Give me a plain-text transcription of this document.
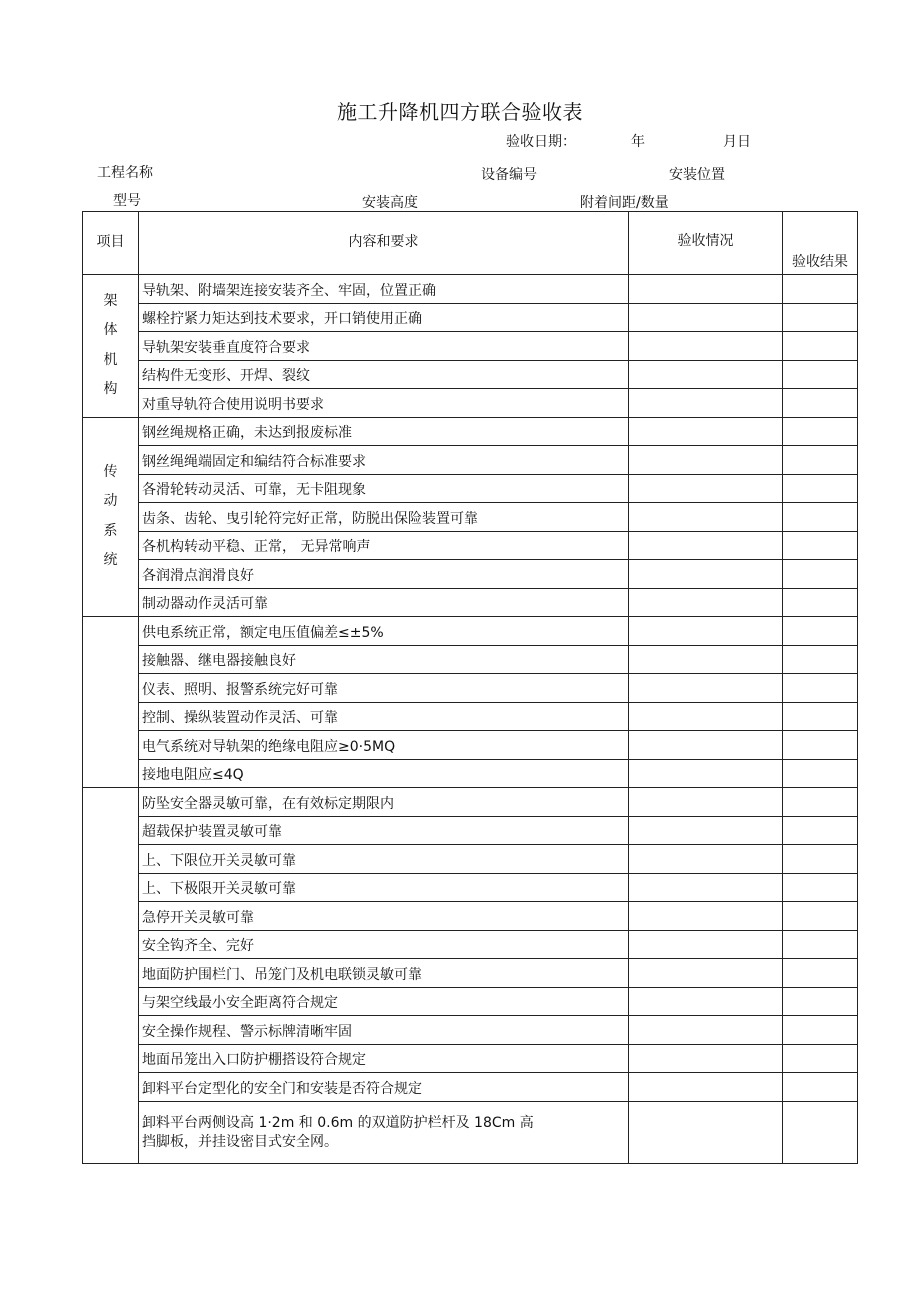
施工升降机四方联合验收表
验收日期：	年	月日
工程名称	设备编号	安装位置
型号	安装高度	附着间距/数量
项目	内容和要求	验收情况	验收结果

架
体
机
构	导轨架、附墙架连接安装齐全、牢固，位置正确		
	螺栓拧紧力矩达到技术要求，开口销使用正确		
	导轨架安装垂直度符合要求		
	结构件无变形、开焊、裂纹		
	对重导轨符合使用说明书要求		

传
动
系
统	钢丝绳规格正确，未达到报废标准		
	钢丝绳绳端固定和编结符合标准要求		
	各滑轮转动灵活、可靠，无卡阻现象		
	齿条、齿轮、曳引轮符完好正常，防脱出保险装置可靠		
	各机构转动平稳、正常， 无异常响声		
	各润滑点润滑良好		
	制动器动作灵活可靠		
	供电系统正常，额定电压值偏差≤±5%		
	接触器、继电器接触良好		
	仪表、照明、报警系统完好可靠		
	控制、操纵装置动作灵活、可靠		
	电气系统对导轨架的绝缘电阻应≥0·5MQ		
	接地电阻应≤4Q		
	防坠安全器灵敏可靠，在有效标定期限内		
	超载保护装置灵敏可靠		
	上、下限位开关灵敏可靠		
	上、下极限开关灵敏可靠		
	急停开关灵敏可靠		
	安全钩齐全、完好		
	地面防护围栏门、吊笼门及机电联锁灵敏可靠		
	与架空线最小安全距离符合规定		
	安全操作规程、警示标牌清晰牢固		
	地面吊笼出入口防护棚搭设符合规定		
	卸料平台定型化的安全门和安装是否符合规定		

	卸料平台两侧设高 1·2m 和 0.6m 的双道防护栏杆及 18Cm 高
挡脚板，并挂设密目式安全网。		
